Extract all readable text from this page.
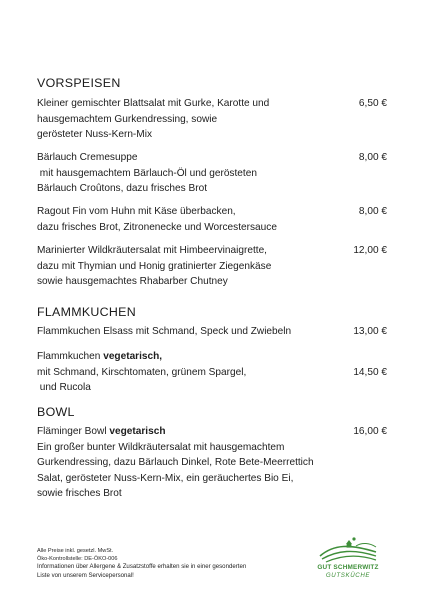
VORSPEISEN
Kleiner gemischter Blattsalat mit Gurke, Karotte und
hausgemachtem Gurkendressing, sowie
gerösteter Nuss-Kern-Mix
6,50 €
Bärlauch Cremesuppe
mit hausgemachtem Bärlauch-Öl und gerösteten
Bärlauch Croûtons, dazu frisches Brot
8,00 €
Ragout Fin vom Huhn mit Käse überbacken,
dazu frisches Brot, Zitronenecke und Worcestersauce
8,00 €
Marinierter Wildkräutersalat mit Himbeervinaigrette,
dazu mit Thymian und Honig gratinierter Ziegenkäse
sowie hausgemachtes Rhabarber Chutney
12,00 €
FLAMMKUCHEN
Flammkuchen Elsass mit Schmand, Speck und Zwiebeln	13,00 €
Flammkuchen vegetarisch,
mit Schmand, Kirschtomaten, grünem Spargel,
und Rucola
14,50 €
BOWL
Fläminger Bowl vegetarisch
Ein großer bunter Wildkräutersalat mit hausgemachtem
Gurkendressing, dazu Bärlauch Dinkel, Rote Bete-Meerrettich
Salat, gerösteter Nuss-Kern-Mix, ein geräuchertes Bio Ei,
sowie frisches Brot
16,00 €
Alle Preise inkl. gesetzl. MwSt.
Öko-Kontrollstelle: DE-ÖKO-006
Informationen über Allergene & Zusatzstoffe erhalten sie in einer gesonderten
Liste von unserem Servicepersonal!
GUT SCHMERWITZ
GUTSKÜCHE
